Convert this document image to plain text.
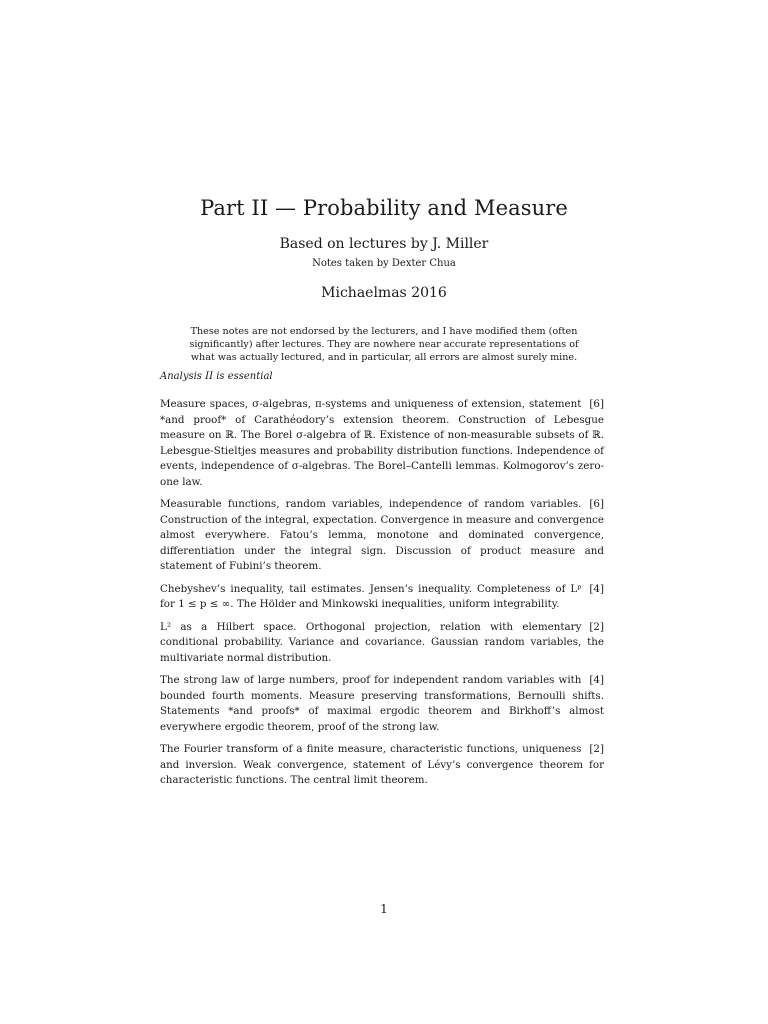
Part II — Probability and Measure
Based on lectures by J. Miller
Notes taken by Dexter Chua
Michaelmas 2016
These notes are not endorsed by the lecturers, and I have modified them (often significantly) after lectures. They are nowhere near accurate representations of what was actually lectured, and in particular, all errors are almost surely mine.
Analysis II is essential

[6]
Measure spaces, σ-algebras, π-systems and uniqueness of extension, statement *and proof* of Carathéodory’s extension theorem. Construction of Lebesgue measure on ℝ. The Borel σ-algebra of ℝ. Existence of non-measurable subsets of ℝ. Lebesgue-Stieltjes measures and probability distribution functions. Independence of events, independence of σ-algebras. The Borel–Cantelli lemmas. Kolmogorov’s zero-one law.

[6]
Measurable functions, random variables, independence of random variables. Construction of the integral, expectation. Convergence in measure and convergence almost everywhere. Fatou’s lemma, monotone and dominated convergence, differentiation under the integral sign. Discussion of product measure and statement of Fubini’s theorem.

[4]
Chebyshev’s inequality, tail estimates. Jensen’s inequality. Completeness of Lᵖ for 1 ≤ p ≤ ∞. The Hölder and Minkowski inequalities, uniform integrability.

[2]
L² as a Hilbert space. Orthogonal projection, relation with elementary conditional probability. Variance and covariance. Gaussian random variables, the multivariate normal distribution.

[4]
The strong law of large numbers, proof for independent random variables with bounded fourth moments. Measure preserving transformations, Bernoulli shifts. Statements *and proofs* of maximal ergodic theorem and Birkhoff’s almost everywhere ergodic theorem, proof of the strong law.

[2]
The Fourier transform of a finite measure, characteristic functions, uniqueness and inversion. Weak convergence, statement of Lévy’s convergence theorem for characteristic functions. The central limit theorem.

1
